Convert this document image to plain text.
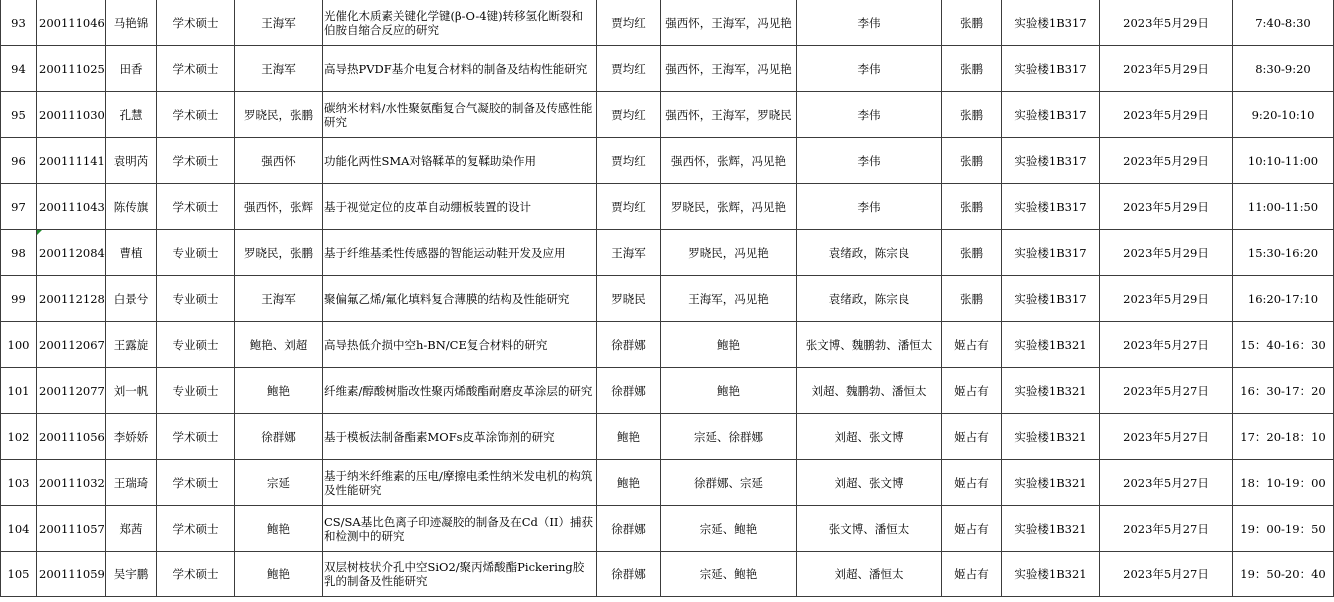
93	200111046	马艳锦	学术硕士	王海军	光催化木质素关键化学键(β-O-4键)转移氢化断裂和伯胺自缩合反应的研究	贾均红	强西怀，王海军，冯见艳	李伟	张鹏	实验楼1B317	2023年5月29日	7:40-8:30
94	200111025	田香	学术硕士	王海军	高导热PVDF基介电复合材料的制备及结构性能研究	贾均红	强西怀，王海军，冯见艳	李伟	张鹏	实验楼1B317	2023年5月29日	8:30-9:20
95	200111030	孔慧	学术硕士	罗晓民，张鹏	碳纳米材料/水性聚氨酯复合气凝胶的制备及传感性能研究	贾均红	强西怀，王海军，罗晓民	李伟	张鹏	实验楼1B317	2023年5月29日	9:20-10:10
96	200111141	袁明芮	学术硕士	强西怀	功能化两性SMA对铬鞣革的复鞣助染作用	贾均红	强西怀，张辉，冯见艳	李伟	张鹏	实验楼1B317	2023年5月29日	10:10-11:00
97	200111043	陈传旗	学术硕士	强西怀，张辉	基于视觉定位的皮革自动绷板装置的设计	贾均红	罗晓民，张辉，冯见艳	李伟	张鹏	实验楼1B317	2023年5月29日	11:00-11:50
98	200112084	曹植	专业硕士	罗晓民，张鹏	基于纤维基柔性传感器的智能运动鞋开发及应用	王海军	罗晓民，冯见艳	袁绪政，陈宗良	张鹏	实验楼1B317	2023年5月29日	15:30-16:20
99	200112128	白景兮	专业硕士	王海军	聚偏氟乙烯/氟化填料复合薄膜的结构及性能研究	罗晓民	王海军，冯见艳	袁绪政，陈宗良	张鹏	实验楼1B317	2023年5月29日	16:20-17:10
100	200112067	王露旋	专业硕士	鲍艳、刘超	高导热低介损中空h-BN/CE复合材料的研究	徐群娜	鲍艳	张文博、魏鹏勃、潘恒太	姬占有	实验楼1B321	2023年5月27日	15：40-16：30
101	200112077	刘一帆	专业硕士	鲍艳	纤维素/醇酸树脂改性聚丙烯酸酯耐磨皮革涂层的研究	徐群娜	鲍艳	刘超、魏鹏勃、潘恒太	姬占有	实验楼1B321	2023年5月27日	16：30-17：20
102	200111056	李娇娇	学术硕士	徐群娜	基于模板法制备酯素MOFs皮革涂饰剂的研究	鲍艳	宗延、徐群娜	刘超、张文博	姬占有	实验楼1B321	2023年5月27日	17：20-18：10
103	200111032	王瑞琦	学术硕士	宗延	基于纳米纤维素的压电/摩擦电柔性纳米发电机的构筑及性能研究	鲍艳	徐群娜、宗延	刘超、张文博	姬占有	实验楼1B321	2023年5月27日	18：10-19：00
104	200111057	郑茜	学术硕士	鲍艳	CS/SA基比色离子印迹凝胶的制备及在Cd（II）捕获和检测中的研究	徐群娜	宗延、鲍艳	张文博、潘恒太	姬占有	实验楼1B321	2023年5月27日	19：00-19：50
105	200111059	吴宇鹏	学术硕士	鲍艳	双层树枝状介孔中空SiO2/聚丙烯酸酯Pickering胶乳的制备及性能研究	徐群娜	宗延、鲍艳	刘超、潘恒太	姬占有	实验楼1B321	2023年5月27日	19：50-20：40
